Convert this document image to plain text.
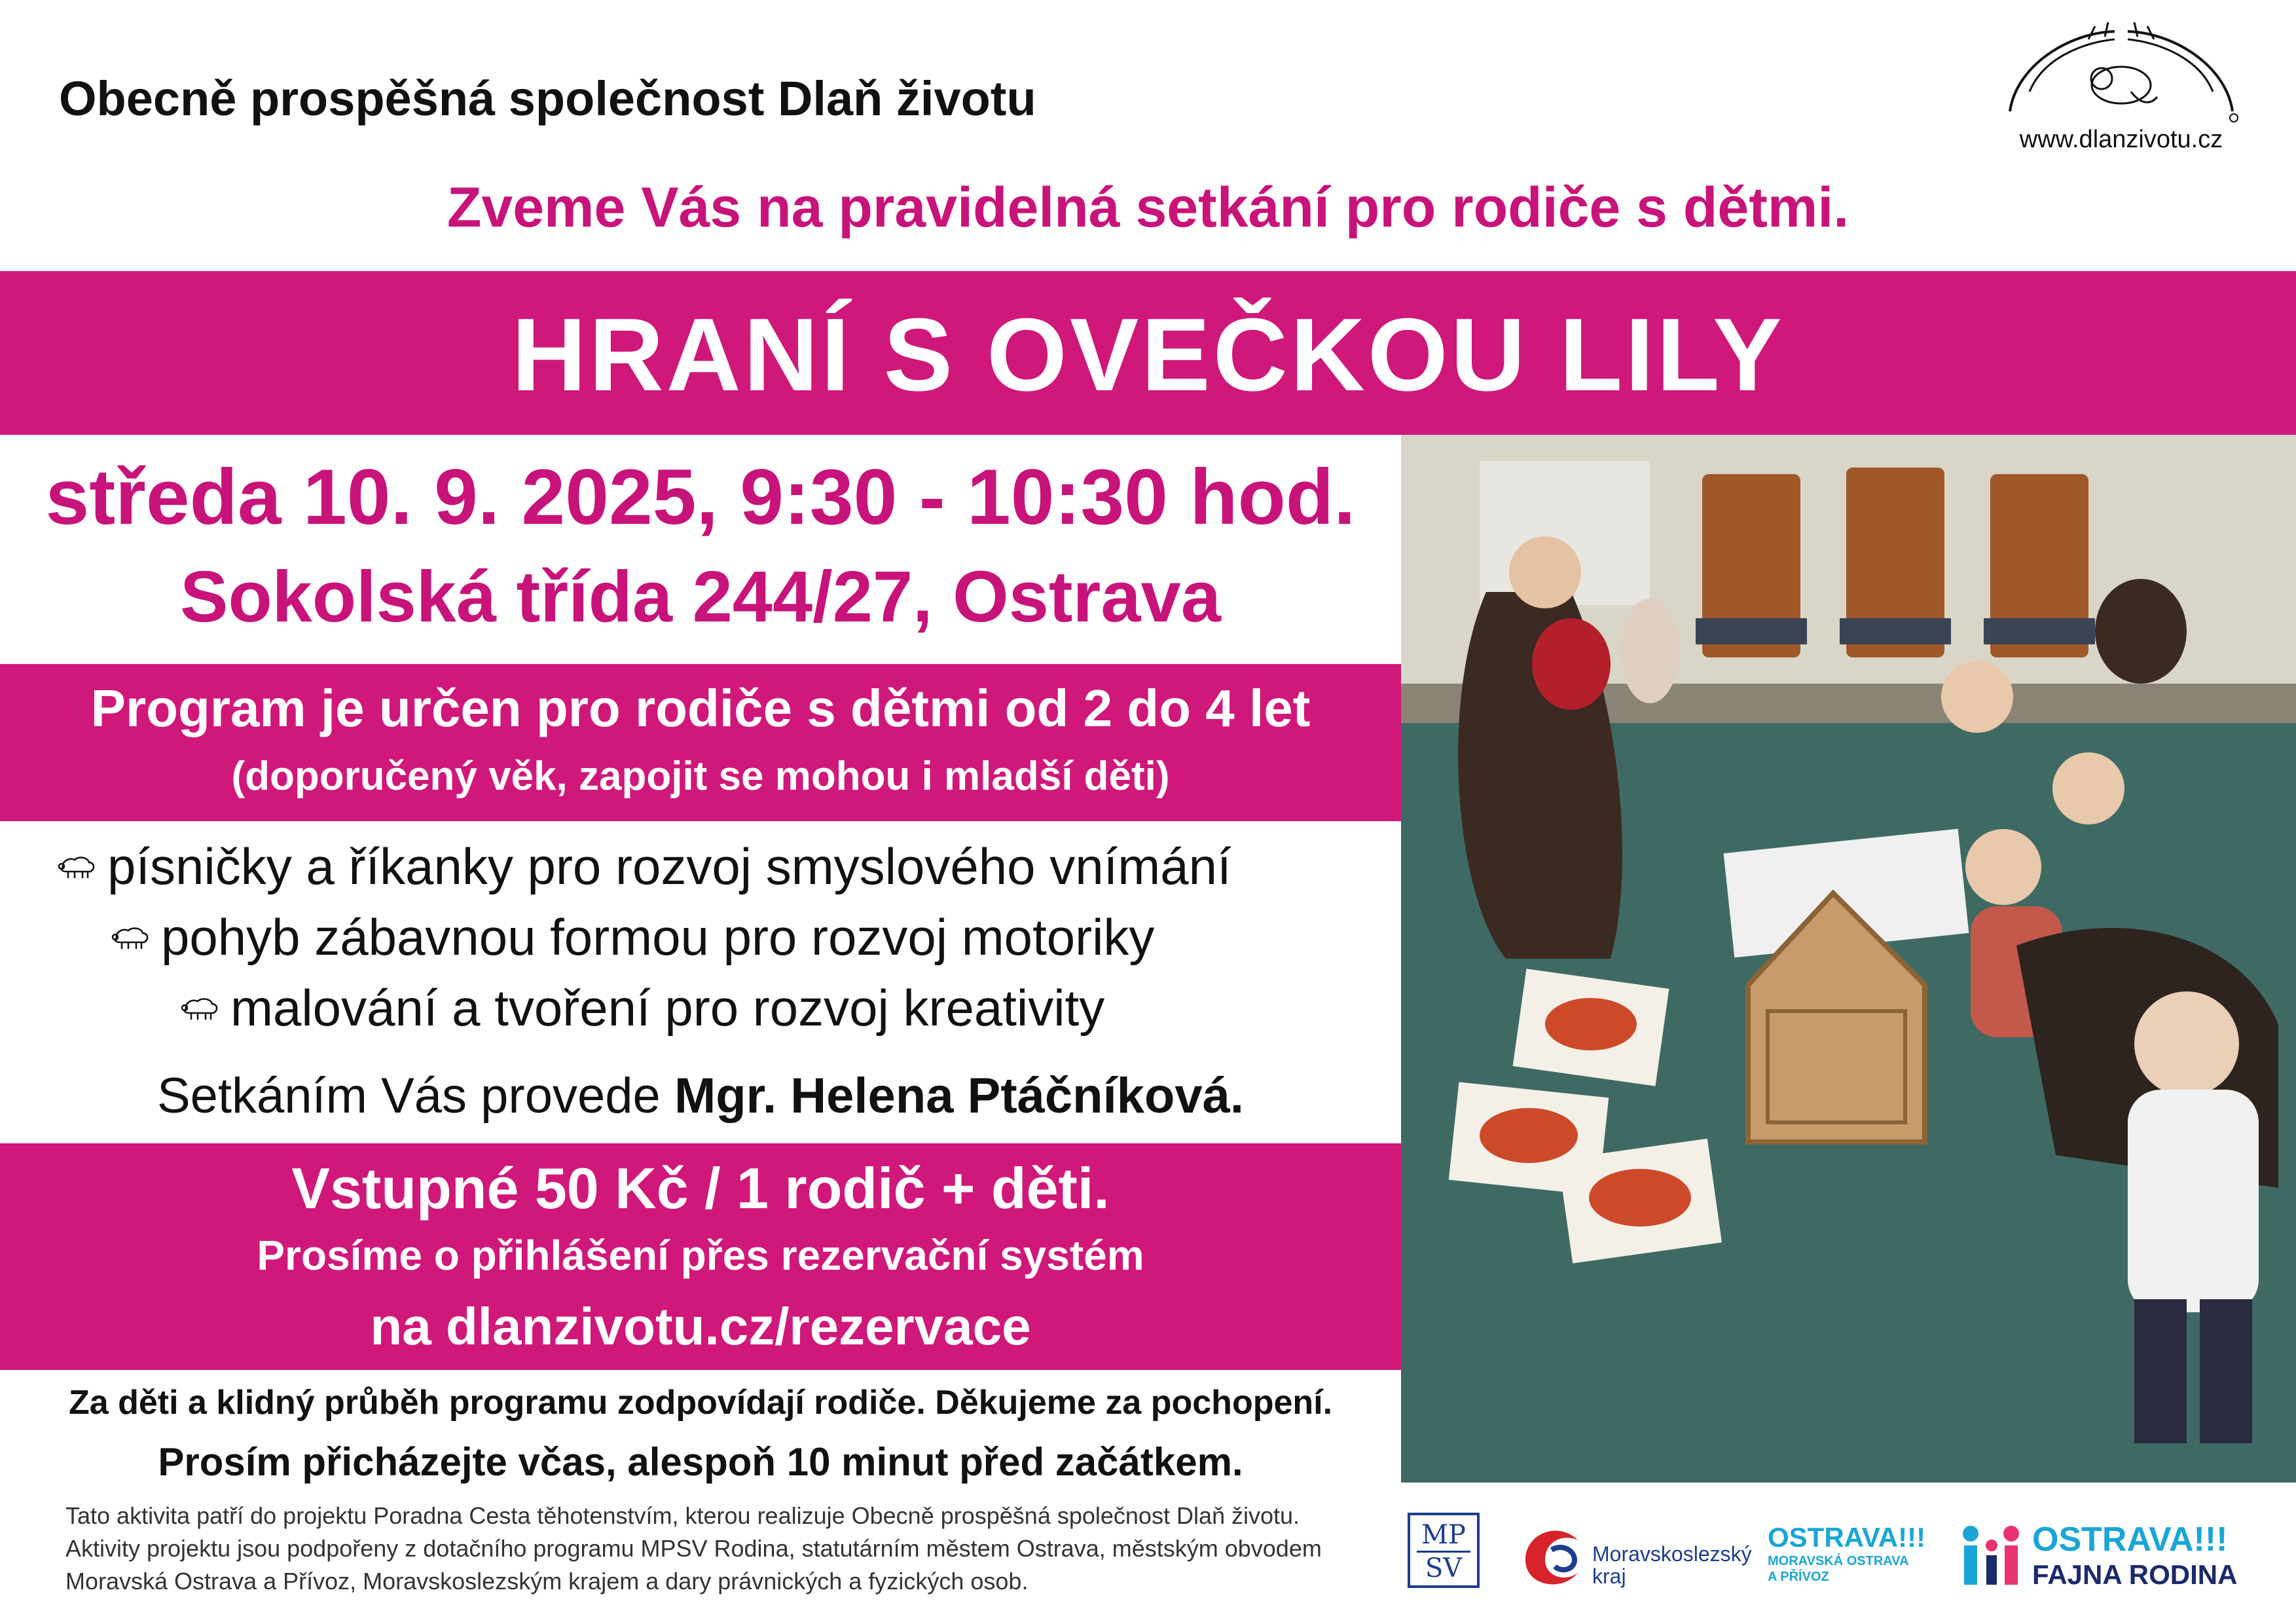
Obecně prospěšná společnost Dlaň životu
www.dlanzivotu.cz
Zveme Vás na pravidelná setkání pro rodiče s dětmi.
HRANÍ S OVEČKOU LILY
středa 10. 9. 2025, 9:30 - 10:30 hod.
Sokolská třída 244/27, Ostrava
Program je určen pro rodiče s dětmi od 2 do 4 let
(doporučený věk, zapojit se mohou i mladší děti)
písničky a říkanky pro rozvoj smyslového vnímání
pohyb zábavnou formou pro rozvoj motoriky
malování a tvoření pro rozvoj kreativity
Setkáním Vás provede Mgr. Helena Ptáčníková.
Vstupné 50 Kč / 1 rodič + děti.
Prosíme o přihlášení přes rezervační systém
na dlanzivotu.cz/rezervace
Za děti a klidný průběh programu zodpovídají rodiče. Děkujeme za pochopení.
Prosím přicházejte včas, alespoň 10 minut před začátkem.
Tato aktivita patří do projektu Poradna Cesta těhotenstvím, kterou realizuje Obecně prospěšná společnost Dlaň životu.
Aktivity projektu jsou podpořeny z dotačního programu MPSV Rodina, statutárním městem Ostrava, městským obvodem
Moravská Ostrava a Přívoz, Moravskoslezským krajem a dary právnických a fyzických osob.
MP
SV	Moravskoslezský
kraj
OSTRAVA!!!
MORAVSKÁ OSTRAVA
A PŘÍVOZ
OSTRAVA!!!
FAJNA RODINA
